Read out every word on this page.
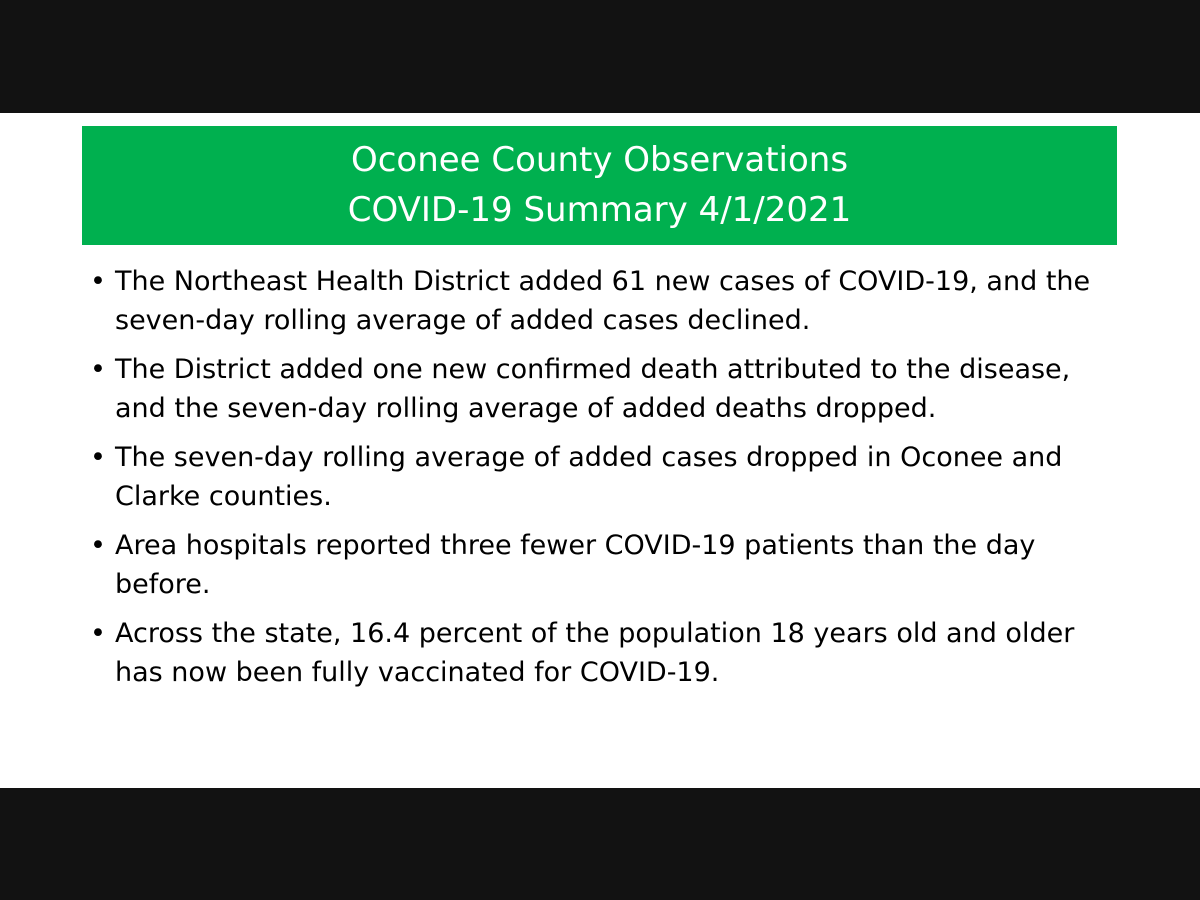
Oconee County Observations
COVID-19 Summary 4/1/2021
• The Northeast Health District added 61 new cases of COVID-19, and the seven-day rolling average of added cases declined.
• The District added one new confirmed death attributed to the disease, and the seven-day rolling average of added deaths dropped.
• The seven-day rolling average of added cases dropped in Oconee and Clarke counties.
• Area hospitals reported three fewer COVID-19 patients than the day before.
• Across the state, 16.4 percent of the population 18 years old and older has now been fully vaccinated for COVID-19.
